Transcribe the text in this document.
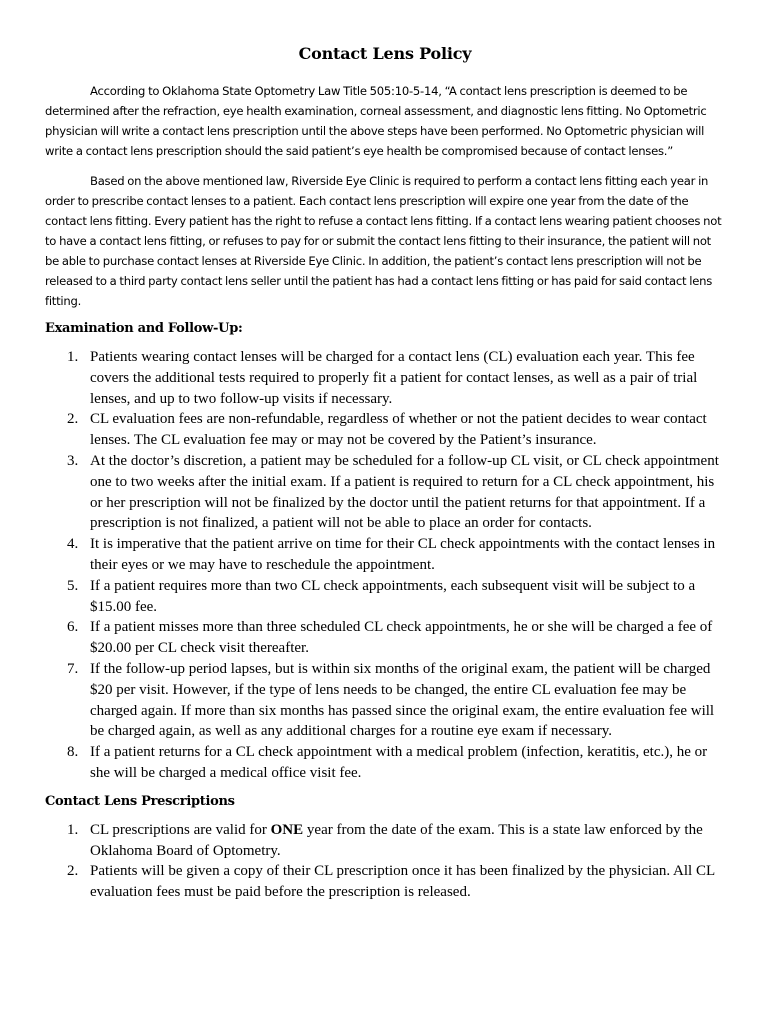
Contact Lens Policy

According to Oklahoma State Optometry Law Title 505:10-5-14, “A contact lens prescription is deemed to be determined after the refraction, eye health examination, corneal assessment, and diagnostic lens fitting. No Optometric physician will write a contact lens prescription until the above steps have been performed. No Optometric physician will write a contact lens prescription should the said patient’s eye health be compromised because of contact lenses.”

Based on the above mentioned law, Riverside Eye Clinic is required to perform a contact lens fitting each year in order to prescribe contact lenses to a patient. Each contact lens prescription will expire one year from the date of the contact lens fitting. Every patient has the right to refuse a contact lens fitting. If a contact lens wearing patient chooses not to have a contact lens fitting, or refuses to pay for or submit the contact lens fitting to their insurance, the patient will not be able to purchase contact lenses at Riverside Eye Clinic. In addition, the patient’s contact lens prescription will not be released to a third party contact lens seller until the patient has had a contact lens fitting or has paid for said contact lens fitting.

Examination and Follow-Up:
1. Patients wearing contact lenses will be charged for a contact lens (CL) evaluation each year. This fee covers the additional tests required to properly fit a patient for contact lenses, as well as a pair of trial lenses, and up to two follow-up visits if necessary.
2. CL evaluation fees are non-refundable, regardless of whether or not the patient decides to wear contact lenses. The CL evaluation fee may or may not be covered by the Patient’s insurance.
3. At the doctor’s discretion, a patient may be scheduled for a follow-up CL visit, or CL check appointment one to two weeks after the initial exam. If a patient is required to return for a CL check appointment, his or her prescription will not be finalized by the doctor until the patient returns for that appointment. If a prescription is not finalized, a patient will not be able to place an order for contacts.
4. It is imperative that the patient arrive on time for their CL check appointments with the contact lenses in their eyes or we may have to reschedule the appointment.
5. If a patient requires more than two CL check appointments, each subsequent visit will be subject to a $15.00 fee.
6. If a patient misses more than three scheduled CL check appointments, he or she will be charged a fee of $20.00 per CL check visit thereafter.
7. If the follow-up period lapses, but is within six months of the original exam, the patient will be charged $20 per visit. However, if the type of lens needs to be changed, the entire CL evaluation fee may be charged again. If more than six months has passed since the original exam, the entire evaluation fee will be charged again, as well as any additional charges for a routine eye exam if necessary.
8. If a patient returns for a CL check appointment with a medical problem (infection, keratitis, etc.), he or she will be charged a medical office visit fee.
Contact Lens Prescriptions
1. CL prescriptions are valid for ONE year from the date of the exam. This is a state law enforced by the Oklahoma Board of Optometry.
2. Patients will be given a copy of their CL prescription once it has been finalized by the physician. All CL evaluation fees must be paid before the prescription is released.
